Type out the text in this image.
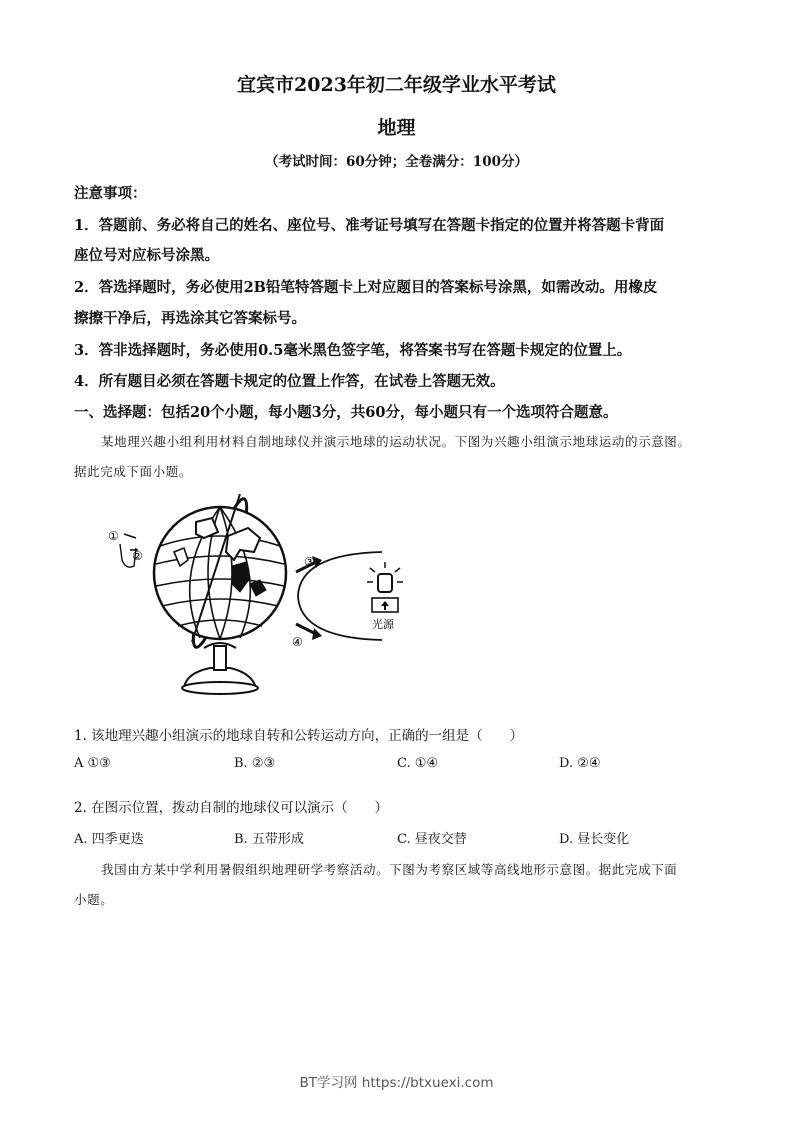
宜宾市2023年初二年级学业水平考试
地理
（考试时间：60分钟；全卷满分：100分）
注意事项：
1．答题前、务必将自己的姓名、座位号、准考证号填写在答题卡指定的位置并将答题卡背面
座位号对应标号涂黑。
2．答选择题时，务必使用2B铅笔特答题卡上对应题目的答案标号涂黑，如需改动。用橡皮
擦擦干净后，再选涂其它答案标号。
3．答非选择题时，务必使用0.5毫米黑色签字笔，将答案书写在答题卡规定的位置上。
4．所有题目必须在答题卡规定的位置上作答，在试卷上答题无效。
一、选择题：包括20个小题，每小题3分，共60分，每小题只有一个选项符合题意。
某地理兴趣小组利用材料自制地球仪并演示地球的运动状况。下图为兴趣小组演示地球运动的示意图。
据此完成下面小题。
①
②	③
④
光源
1. 该地理兴趣小组演示的地球自转和公转运动方向，正确的一组是（　　）
A ①③	B. ②③	C. ①④	D. ②④
2. 在图示位置，拨动自制的地球仪可以演示（　　）
A. 四季更迭	B. 五带形成	C. 昼夜交替	D. 昼长变化
我国由方某中学利用暑假组织地理研学考察活动。下图为考察区域等高线地形示意图。据此完成下面
小题。
BT学习网 https://btxuexi.com
